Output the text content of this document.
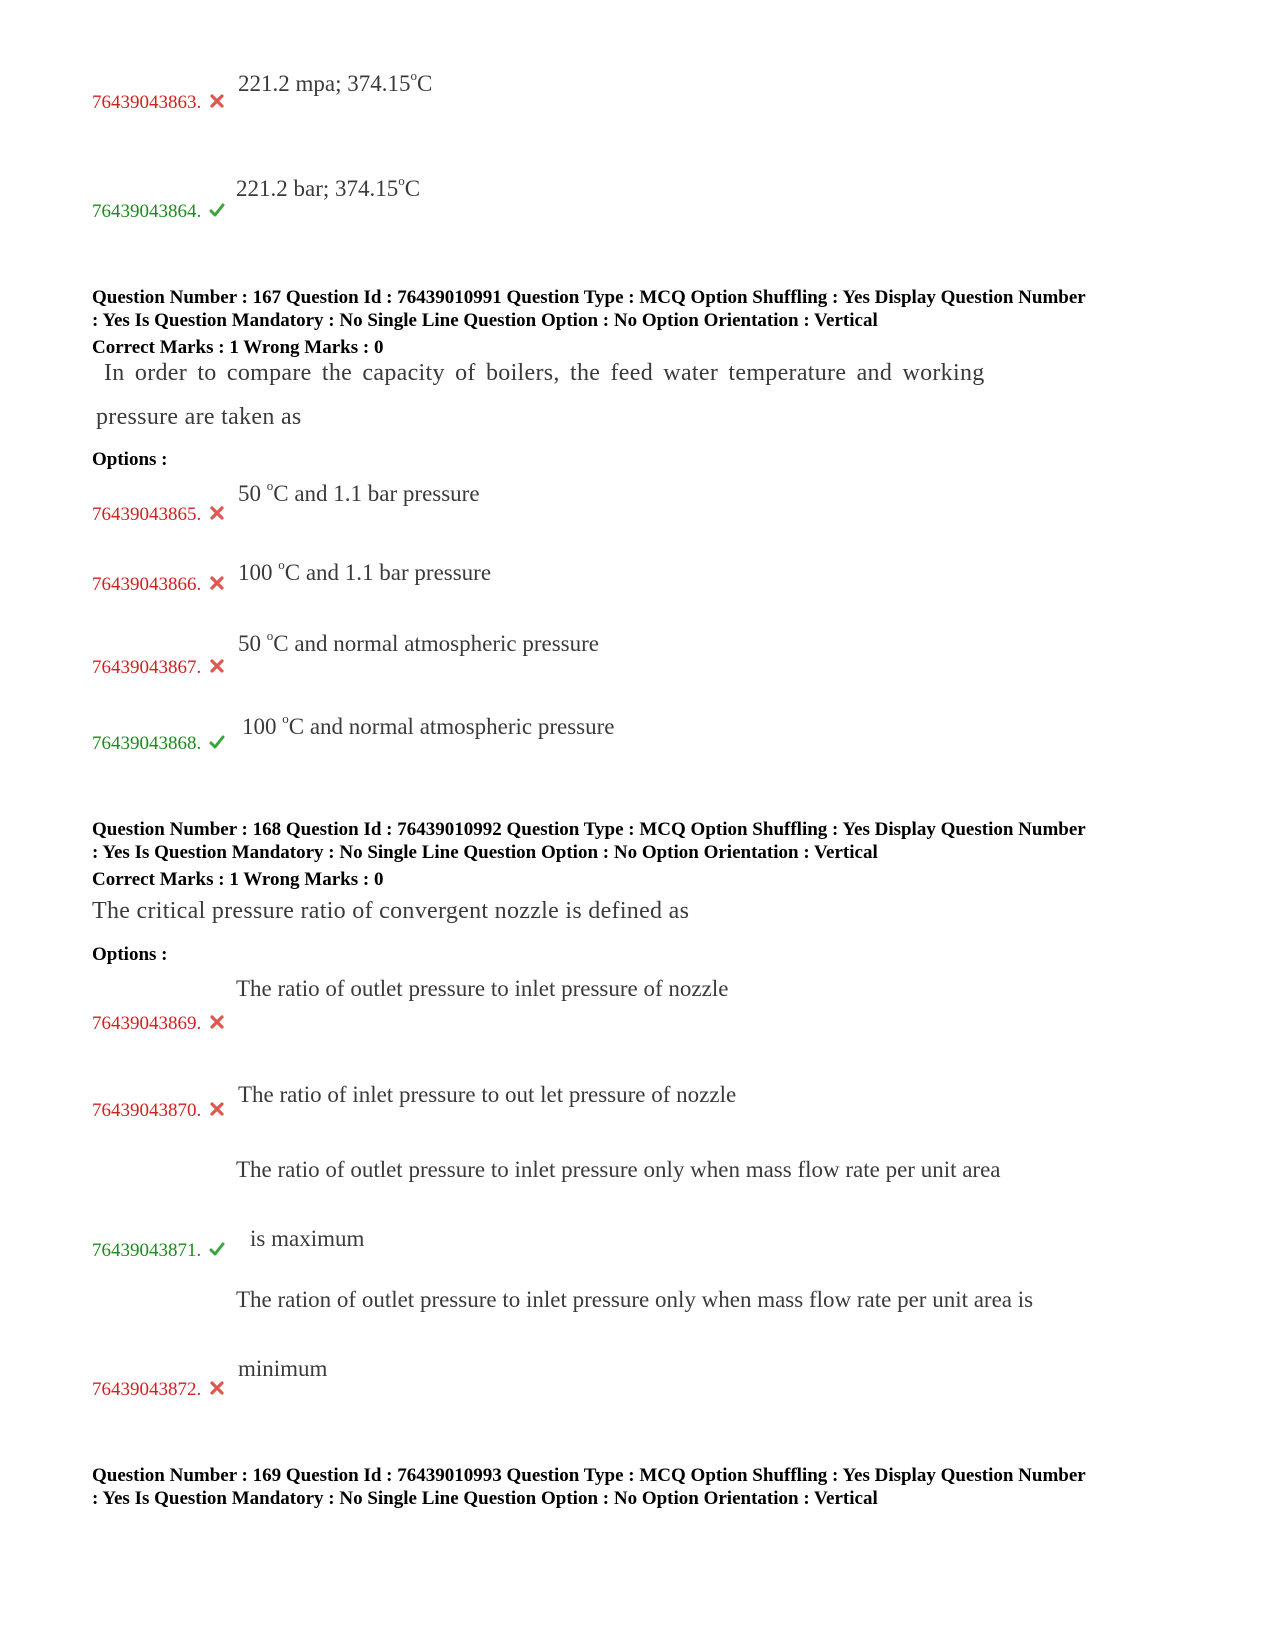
221.2 mpa; 374.15$^o$C
76439043863.
221.2 bar; 374.15$^o$C
76439043864.
Question Number : 167 Question Id : 76439010991 Question Type : MCQ Option Shuffling : Yes Display Question Number
: Yes Is Question Mandatory : No Single Line Question Option : No Option Orientation : Vertical
Correct Marks : 1 Wrong Marks : 0
In order to compare the capacity of boilers, the feed water temperature and working
pressure are taken as
Options :
50 $^o$C and 1.1 bar pressure
76439043865.
100 $^o$C and 1.1 bar pressure
76439043866.
50 $^o$C and normal atmospheric pressure
76439043867.
100 $^o$C and normal atmospheric pressure
76439043868.
Question Number : 168 Question Id : 76439010992 Question Type : MCQ Option Shuffling : Yes Display Question Number
: Yes Is Question Mandatory : No Single Line Question Option : No Option Orientation : Vertical
Correct Marks : 1 Wrong Marks : 0
The critical pressure ratio of convergent nozzle is defined as
Options :
The ratio of outlet pressure to inlet pressure of nozzle
76439043869.
The ratio of inlet pressure to out let pressure of nozzle
76439043870.
The ratio of outlet pressure to inlet pressure only when mass flow rate per unit area
is maximum
76439043871.
The ration of outlet pressure to inlet pressure only when mass flow rate per unit area is
minimum
76439043872.
Question Number : 169 Question Id : 76439010993 Question Type : MCQ Option Shuffling : Yes Display Question Number
: Yes Is Question Mandatory : No Single Line Question Option : No Option Orientation : Vertical
